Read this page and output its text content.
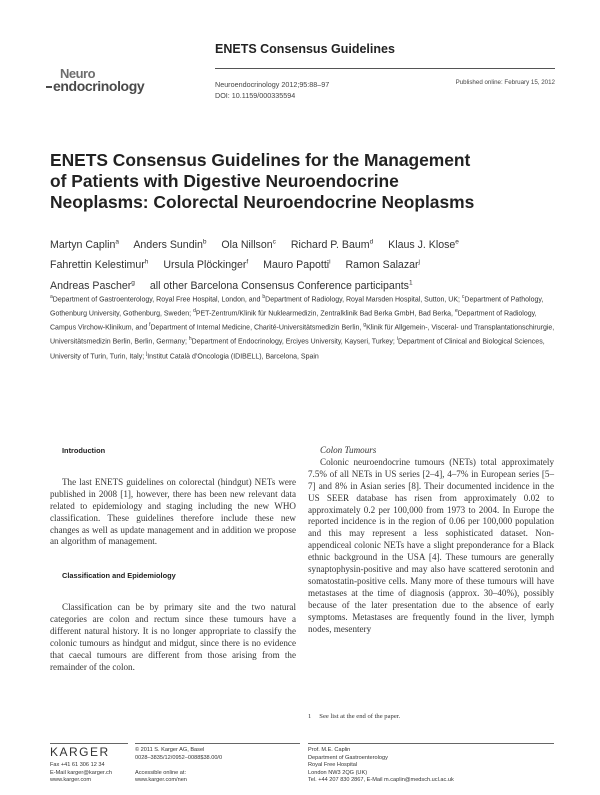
ENETS Consensus Guidelines
Neuroendocrinology 2012;95:88–97
DOI: 10.1159/000335594
Published online: February 15, 2012
Neuro
endocrinology
ENETS Consensus Guidelines for the Management
of Patients with Digestive Neuroendocrine
Neoplasms: Colorectal Neuroendocrine Neoplasms
Martyn Caplin$^a$ Anders Sundin$^b$ Ola Nillson$^c$ Richard P. Baum$^d$ Klaus J. Klose$^e$
Fahrettin Kelestimur$^h$ Ursula Plöckinger$^f$ Mauro Papotti$^i$ Ramon Salazar$^j$
Andreas Pascher$^g$ all other Barcelona Consensus Conference participants$^1$
$^a$Department of Gastroenterology, Royal Free Hospital, London, and $^b$Department of Radiology, Royal Marsden Hospital, Sutton, UK; $^c$Department of Pathology, Gothenburg University, Gothenburg, Sweden; $^d$PET-Zentrum/Klinik für Nuklearmedizin, Zentralklinik Bad Berka GmbH, Bad Berka, $^e$Department of Radiology, Campus Virchow-Klinikum, and $^f$Department of Internal Medicine, Charité-Universitätsmedizin Berlin, $^g$Klinik für Allgemein-, Visceral- und Transplantationschirurgie, Universitätsmedizin Berlin, Berlin, Germany; $^h$Department of Endocrinology, Erciyes University, Kayseri, Turkey; $^i$Department of Clinical and Biological Sciences, University of Turin, Turin, Italy; $^j$Institut Català d’Oncologia (IDIBELL), Barcelona, Spain
Introduction

The last ENETS guidelines on colorectal (hindgut) NETs were published in 2008 [1], however, there has been new relevant data related to epidemiology and staging including the new WHO classification. These guidelines therefore include these new changes as well as update management and in addition we propose an algorithm of management.

Classification and Epidemiology

Classification can be by primary site and the two natural categories are colon and rectum since these tumours have a different natural history. It is no longer appropriate to classify the colonic tumours as hindgut and midgut, since there is no evidence that caecal tumours are different from those arising from the remainder of the colon.

Colon Tumours

Colonic neuroendocrine tumours (NETs) total approximately 7.5% of all NETs in US series [2–4], 4–7% in European series [5–7] and 8% in Asian series [8]. Their documented incidence in the US SEER database has risen from approximately 0.02 to approximately 0.2 per 100,000 from 1973 to 2004. In Europe the reported incidence is in the region of 0.06 per 100,000 population and this may represent a less sophisticated dataset. Non-appendiceal colonic NETs have a slight preponderance for a Black ethnic background in the USA [4]. These tumours are generally synaptophysin-positive and may also have scattered serotonin and somatostatin-positive cells. Many more of these tumours will have metastases at the time of diagnosis (approx. 30–40%), possibly because of the later presentation due to the absence of early symptoms. Metastases are frequently found in the liver, lymph nodes, mesentery

1 See list at the end of the paper.
KARGER
Fax +41 61 306 12 34
E-Mail karger@karger.ch
www.karger.com
© 2011 S. Karger AG, Basel
0028–3835/12/0952–0088$38.00/0
Accessible online at:
www.karger.com/nen
Prof. M.E. Caplin
Department of Gastroenterology
Royal Free Hospital
London NW3 2QG (UK)
Tel. +44 207 830 2867, E-Mail m.caplin@medsch.ucl.ac.uk
